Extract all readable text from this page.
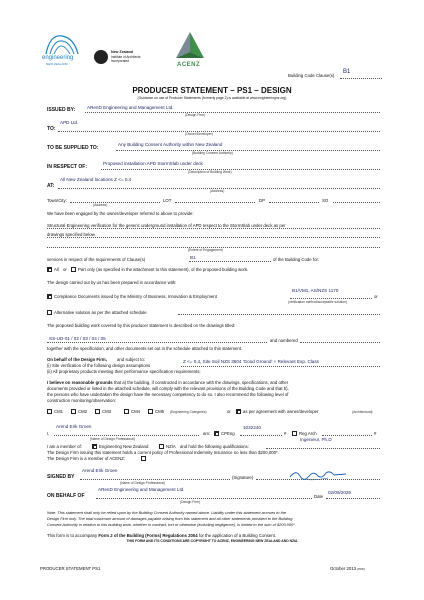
engineering
NEW ZEALAND
New Zealand
Institute of Architects
Incorporated
ACENZ
Building Code Clause(s)
B1
PRODUCER STATEMENT – PS1 – DESIGN
(Guidance on use of Producer Statements (formerly page 2) is available at www.engineeringnz.org)
ISSUED BY:	ARenD Engineering and Management Ltd.
(Design Firm)
TO:
APD Ltd.
(Owner/Developer)
TO BE SUPPLIED TO:
Any Building Consent Authority within New Zealand
(Building Consent Authority)
IN RESPECT OF:
Proposed installation APD StormSlab under deck
(Description of Building Work)
AT:
All New Zealand locations Z <= 0.4
(Address)
Town/City:	LOT	DP	SO
(Address)
We have been engaged by the owner/developer referred to above to provide:
Structural Engineering verification for the generic underground installation of APD respect to the StormSlab under deck as per
drawings specified below.
(Extent of Engagement)
services in respect of the requirements of Clause(s)	B1	of the Building Code for:
All or	Part only (as specified in the attachment to this statement), of the proposed building work.
The design carried out by us has been prepared in accordance with:
Compliance Documents issued by the Ministry of Business, Innovation & Employment
B1/VM1, AS/NZS 1170
or
(verification method/acceptable solution)
Alternative solution as per the attached schedule
The proposed building work covered by this producer statement is described on the drawings titled:
SS-UD-01 / 02 / 03 / 04 / 05	and numbered
together with the specification, and other documents set out in the schedule attached to this statement.
On behalf of the Design Firm, and subject to:
(i) Site verification of the following design assumptions
(ii) All proprietary products meeting their performance specification requirements;
Z <= 0.4, Site Soil NZS 3604 'Good Ground' + Relevant Exp. Class
I believe on reasonable grounds that a) the building, if constructed in accordance with the drawings, specifications, and other
documents provided or listed in the attached schedule, will comply with the relevant provisions of the Building Code and that b),
the persons who have undertaken the design have the necessary competency to do so. I also recommend the following level of
construction monitoring/observation:
CM1	CM2	CM3	CM4	CM5 (Engineering Categories)	or	as per agreement with owner/developer	(Architectural)
I,
Arend Erik Groen
am:	CPEng
1032240
#	Reg Arch	#
(Name of Design Professional)
I am a member of:	Engineering New Zealand	NZIA and hold the following qualifications:
Ingenieur, Ph.D
The Design Firm issuing this statement holds a current policy of Professional Indemnity Insurance no less than $200,000*.
The Design Firm is a member of ACENZ:
SIGNED BY
Arend Erik Groen
(Name of Design Professional)
(Signature)
ON BEHALF OF
ARenD Engineering and Management Ltd.
Date
02/09/2025
(Design Firm)
Note: This statement shall only be relied upon by the Building Consent Authority named above. Liability under this statement accrues to the
Design Firm only. The total maximum amount of damages payable arising from this statement and all other statements provided to the Building
Consent Authority in relation to this building work, whether in contract, tort or otherwise (including negligence), is limited to the sum of $200,000*.
This form is to accompany Form 2 of the Building (Forms) Regulations 2004 for the application of a Building Consent.
THIS FORM AND ITS CONDITIONS ARE COPYRIGHT TO ACENZ, ENGINEERING NEW ZEALAND AND NZIA
PRODUCER STATEMENT PS1	October 2013 (PDF)
